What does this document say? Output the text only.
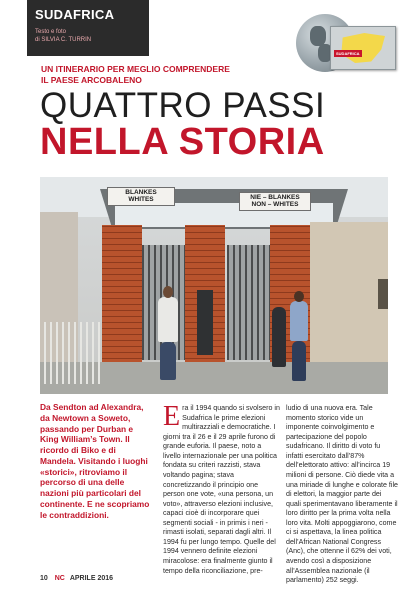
SUDAFRICA
Testo e foto
di SILVIA C. TURRIN
SUDAFRICA
UN ITINERARIO PER MEGLIO COMPRENDERE
IL PAESE ARCOBALENO
QUATTRO PASSI
NELLA STORIA
BLANKES
WHITES	NIE – BLANKES
NON – WHITES
Da Sendton ad Alexandra, da Newtown a Soweto, passando per Durban e King William’s Town. Il ricordo di Biko e di Mandela. Visitando i luoghi «storici», ritroviamo il percorso di una delle nazioni più particolari del continente. E ne scopriamo le contraddizioni.
Era il 1994 quando si svolsero in Sudafrica le prime elezioni multirazziali e democratiche. I giorni tra il 26 e il 29 aprile furono di grande euforia. Il paese, noto a livello internazionale per una politica fondata su criteri razzisti, stava voltando pagina; stava concretizzando il principio one person one vote, «una persona, un voto», attraverso elezioni inclusive, capaci cioè di incorporare quei segmenti sociali - in primis i neri - rimasti isolati, separati dagli altri. Il 1994 fu per lungo tempo. Quelle del 1994 vennero definite elezioni miracolose: era finalmente giunto il tempo della riconciliazione, pre-
ludio di una nuova era. Tale momento storico vide un imponente coinvolgimento e partecipazione del popolo sudafricano. Il diritto di voto fu infatti esercitato dall’87% dell’elettorato attivo: all’incirca 19 milioni di persone. Ciò diede vita a una miriade di lunghe e colorate file di elettori, la maggior parte dei quali sperimentavano liberamente il loro diritto per la prima volta nella loro vita. Molti appoggiarono, come ci si aspettava, la linea politica dell’African National Congress (Anc), che ottenne il 62% dei voti, avendo così a disposizione all’Assemblea nazionale (il parlamento) 252 seggi.
10 NC APRILE 2016
